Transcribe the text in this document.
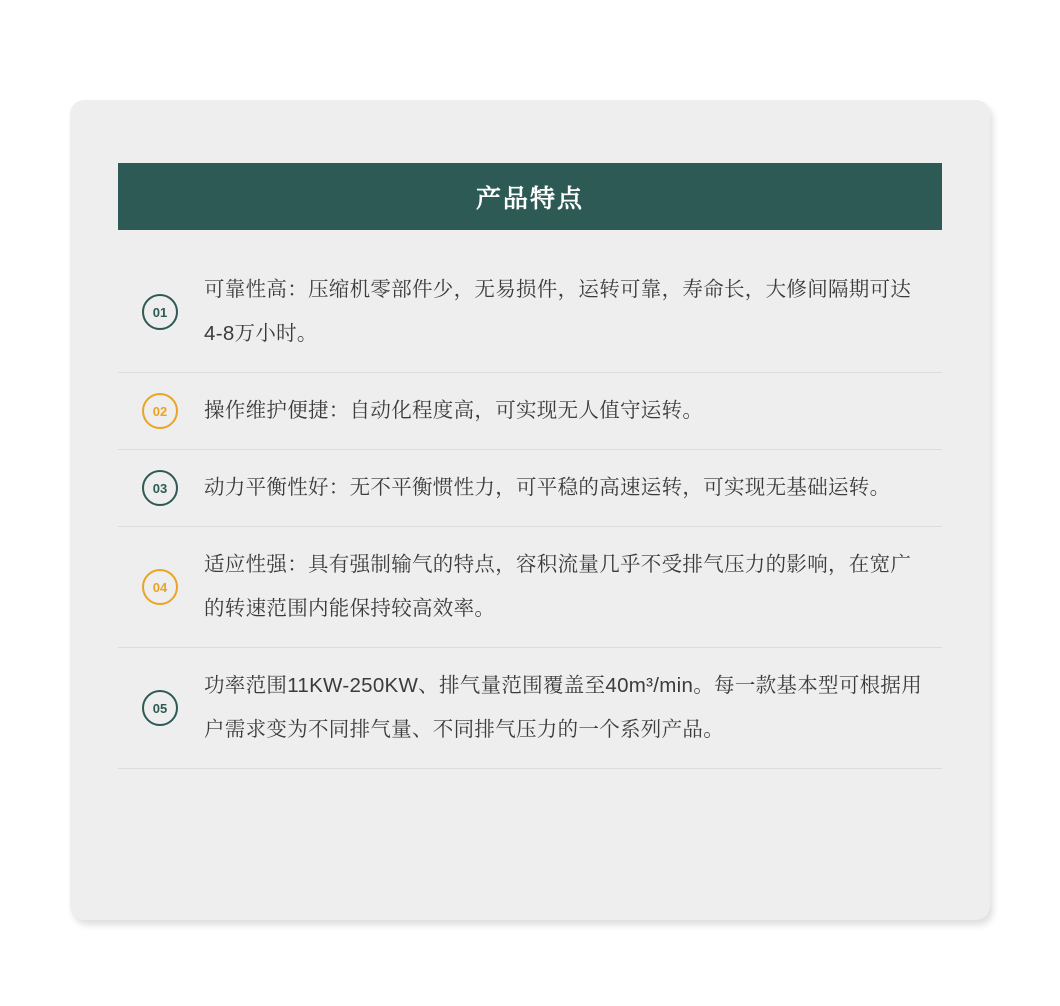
产品特点
01
可靠性高：压缩机零部件少，无易损件，运转可靠，寿命长，大修间隔期可达4-8万小时。
02	操作维护便捷：自动化程度高，可实现无人值守运转。
03	动力平衡性好：无不平衡惯性力，可平稳的高速运转，可实现无基础运转。
04
适应性强：具有强制输气的特点，容积流量几乎不受排气压力的影响，在宽广的转速范围内能保持较高效率。
05
功率范围11KW-250KW、排气量范围覆盖至40m³/min。每一款基本型可根据用户需求变为不同排气量、不同排气压力的一个系列产品。
